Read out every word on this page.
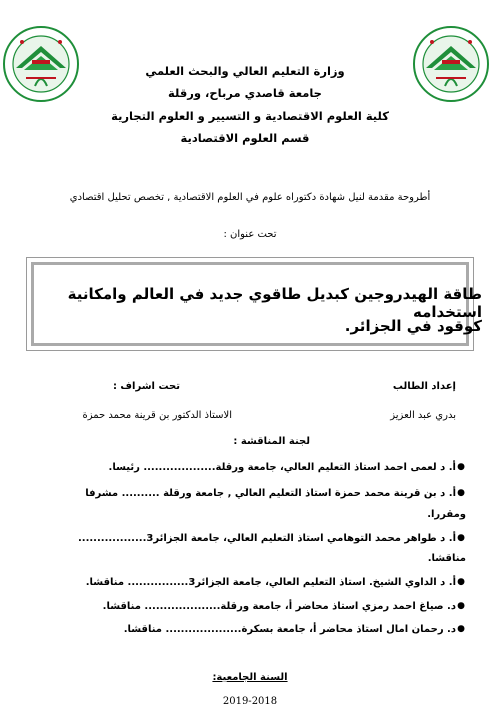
وزارة التعليم العالي والبحث العلمي
جامعة قاصدي مرباح، ورقلة
كلية العلوم الاقتصادية و التسيير و العلوم التجارية
قسم العلوم الاقتصادية
أطروحة مقدمة لنيل شهادة دكتوراه علوم في العلوم الاقتصادية , تخصص تحليل اقتصادي
تحت عنوان :
طاقة الهيدروجين كبديل طاقوي جديد في العالم وامكانية استخدامه
كوقود في الجزائر.
إعداد الطالب
تحت اشراف :
بدري عبد العزيز
الاستاذ الدكتور بن قرينة محمد حمزة
لجنة المناقشة :
●
أ. د لعمى احمد استاذ التعليم العالي، جامعة ورقلة................... رئيسا.
●
أ. د بن قرينة محمد حمزة استاذ التعليم العالي , جامعة ورقلة .......... مشرفا
ومقررا.
●
أ. د طواهر محمد التوهامي استاذ التعليم العالي، جامعة الجزائر3..................
مناقشا.
●
أ. د الداوي الشيخ. استاذ التعليم العالي، جامعة الجزائر3................ مناقشا.
●
د. صياغ احمد رمزي استاذ محاضر أ، جامعة ورقلة.................... مناقشا.
●
د. رحمان امال استاذ محاضر أ، جامعة بسكرة.................... مناقشا.
السنة الجامعية:
2019-2018
